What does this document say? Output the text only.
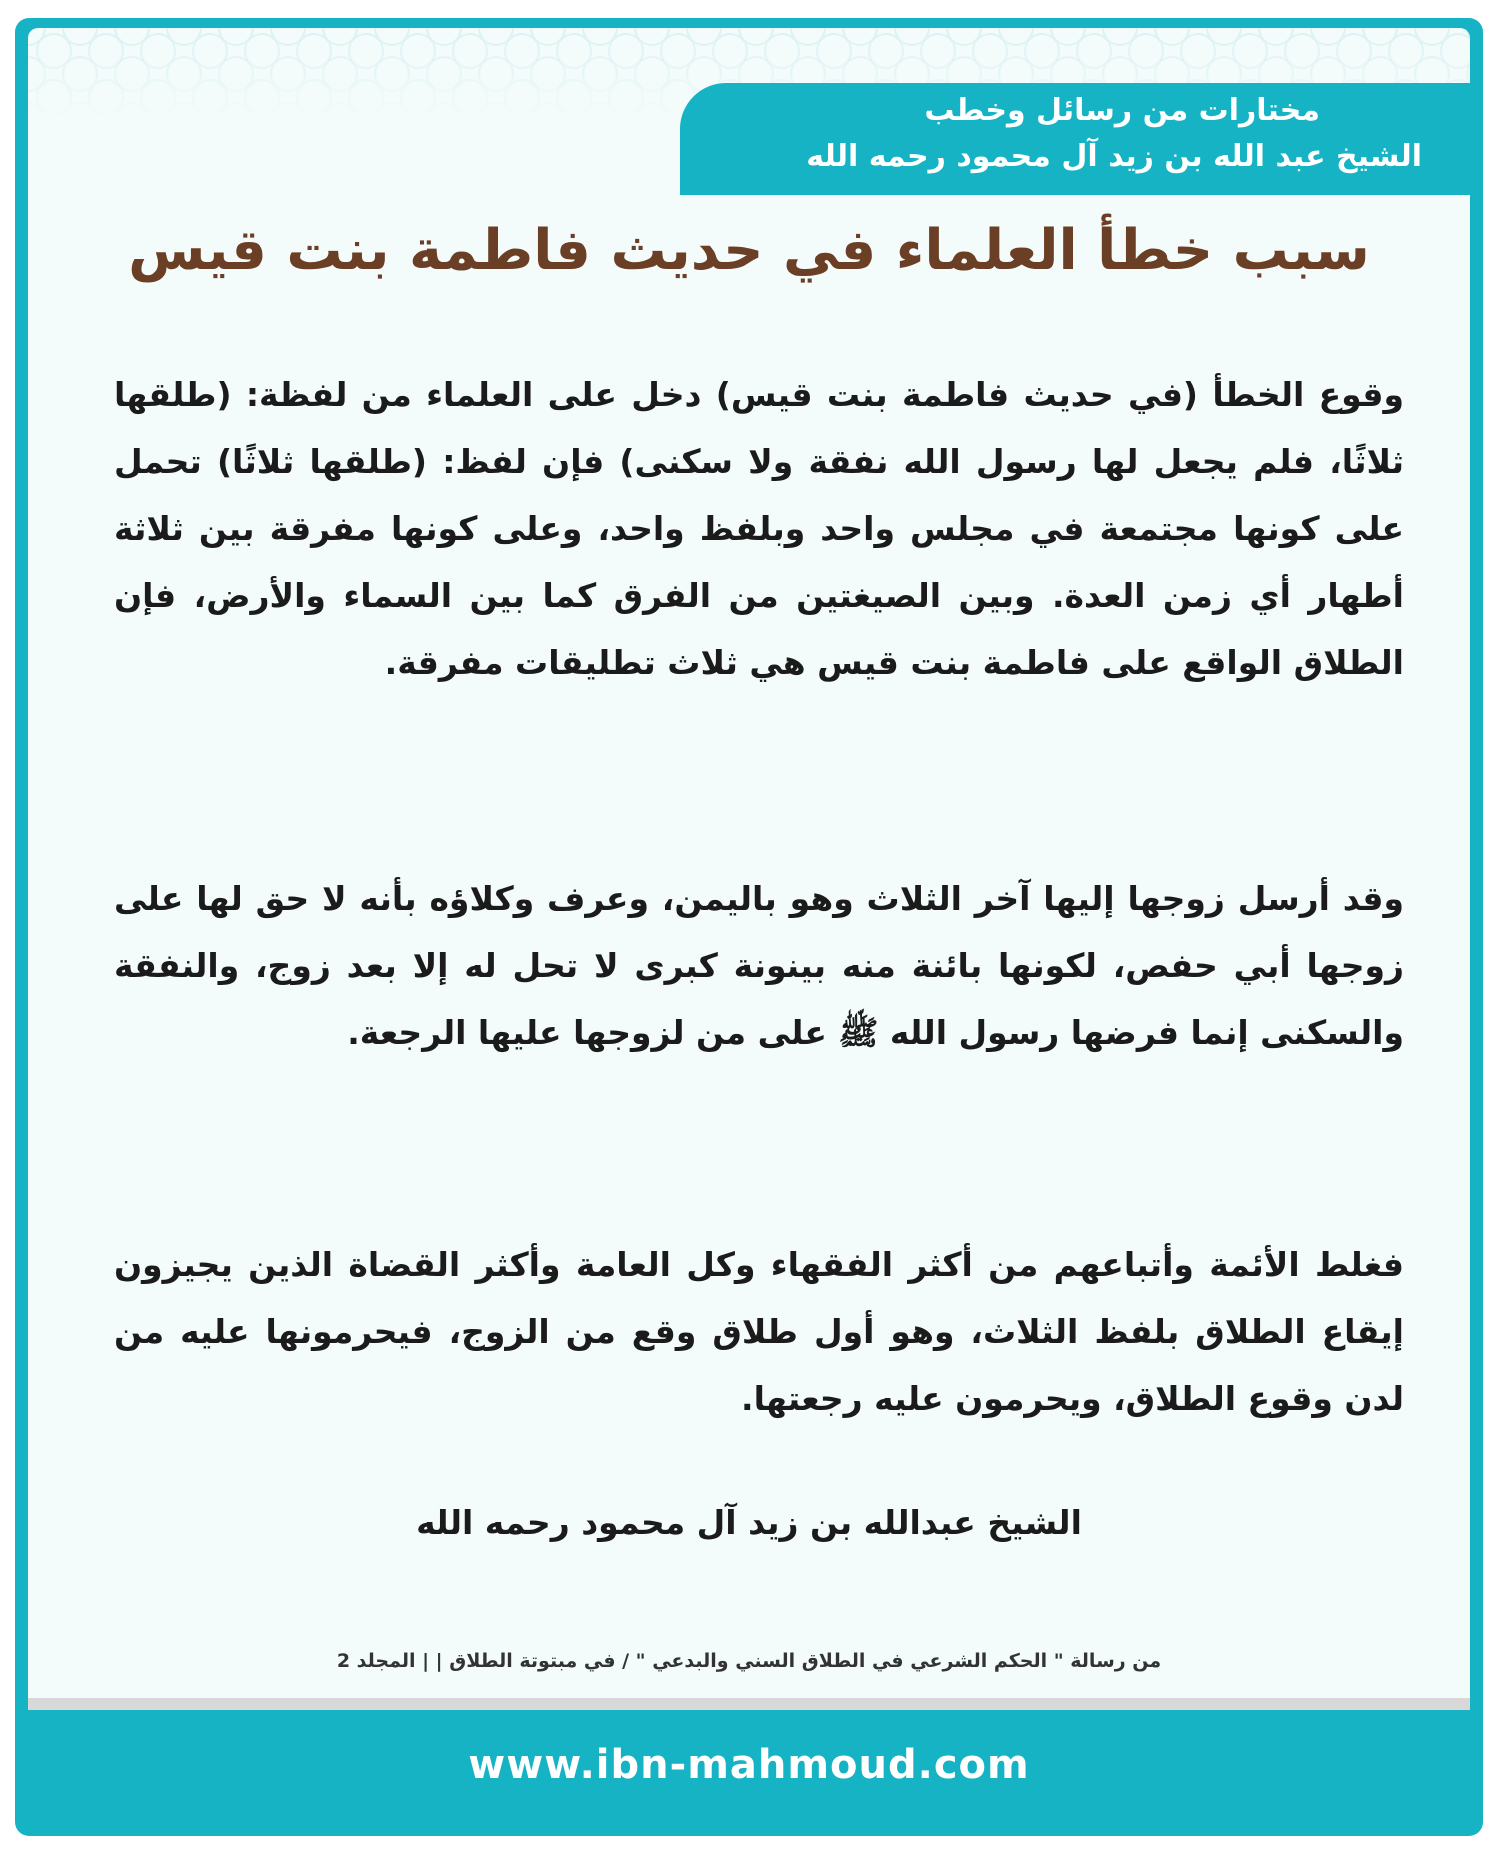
مختارات من رسائل وخطب
الشيخ عبد الله بن زيد آل محمود رحمه الله
سبب خطأ العلماء في حديث فاطمة بنت قيس

وقوع الخطأ (في حديث فاطمة بنت قيس) دخل على العلماء من لفظة: (طلقها ثلاثًا، فلم يجعل لها رسول الله نفقة ولا سكنى) فإن لفظ: (طلقها ثلاثًا) تحمل على كونها مجتمعة في مجلس واحد وبلفظ واحد، وعلى كونها مفرقة بين ثلاثة أطهار أي زمن العدة. وبين الصيغتين من الفرق كما بين السماء والأرض، فإن الطلاق الواقع على فاطمة بنت قيس هي ثلاث تطليقات مفرقة.

وقد أرسل زوجها إليها آخر الثلاث وهو باليمن، وعرف وكلاؤه بأنه لا حق لها على زوجها أبي حفص، لكونها بائنة منه بينونة كبرى لا تحل له إلا بعد زوج، والنفقة والسكنى إنما فرضها رسول الله ﷺ على من لزوجها عليها الرجعة.

فغلط الأئمة وأتباعهم من أكثر الفقهاء وكل العامة وأكثر القضاة الذين يجيزون إيقاع الطلاق بلفظ الثلاث، وهو أول طلاق وقع من الزوج، فيحرمونها عليه من لدن وقوع الطلاق، ويحرمون عليه رجعتها.

الشيخ عبدالله بن زيد آل محمود رحمه الله
من رسالة " الحكم الشرعي في الطلاق السني والبدعي " / في مبتوتة الطلاق | | المجلد 2
www.ibn-mahmoud.com
